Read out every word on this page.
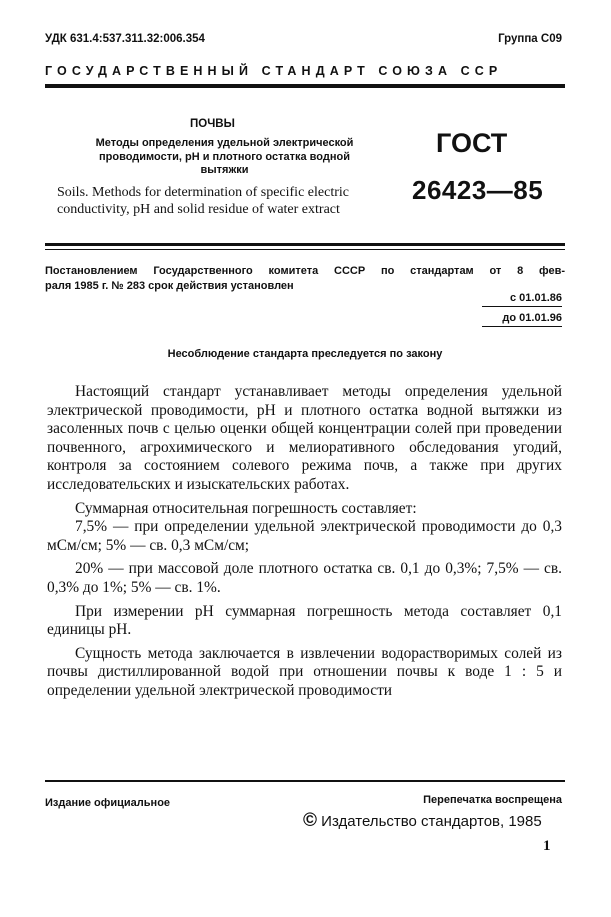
УДК 631.4:537.311.32:006.354	Группа С09
ГОСУДАРСТВЕННЫЙ СТАНДАРТ СОЮЗА ССР
ПОЧВЫ
Методы определения удельной электрической
проводимости, pH и плотного остатка водной
вытяжки
Soils. Methods for determination of specific electric
conductivity, pH and solid residue of water extract
ГОСТ
26423—85
Постановлением Государственного комитета СССР по стандартам от 8 фев-
раля 1985 г. № 283 срок действия установлен
с 01.01.86
до 01.01.96
Несоблюдение стандарта преследуется по закону

Настоящий стандарт устанавливает методы определения удельной электрической проводимости, pH и плотного остатка водной вытяжки из засоленных почв с целью оценки общей концентрации солей при проведении почвенного, агрохимического и мелиоративного обследования угодий, контроля за состоянием солевого режима почв, а также при других исследовательских и изыскательских работах.

Суммарная относительная погрешность составляет:

7,5% — при определении удельной электрической проводимости до 0,3 мСм/см; 5% — св. 0,3 мСм/см;

20% — при массовой доле плотного остатка св. 0,1 до 0,3%; 7,5% — св. 0,3% до 1%; 5% — св. 1%.

При измерении pH суммарная погрешность метода составляет 0,1 единицы pH.

Сущность метода заключается в извлечении водорастворимых солей из почвы дистиллированной водой при отношении почвы к воде 1 : 5 и определении удельной электрической проводимости

Издание официальное	Перепечатка воспрещена
© Издательство стандартов, 1985
1
